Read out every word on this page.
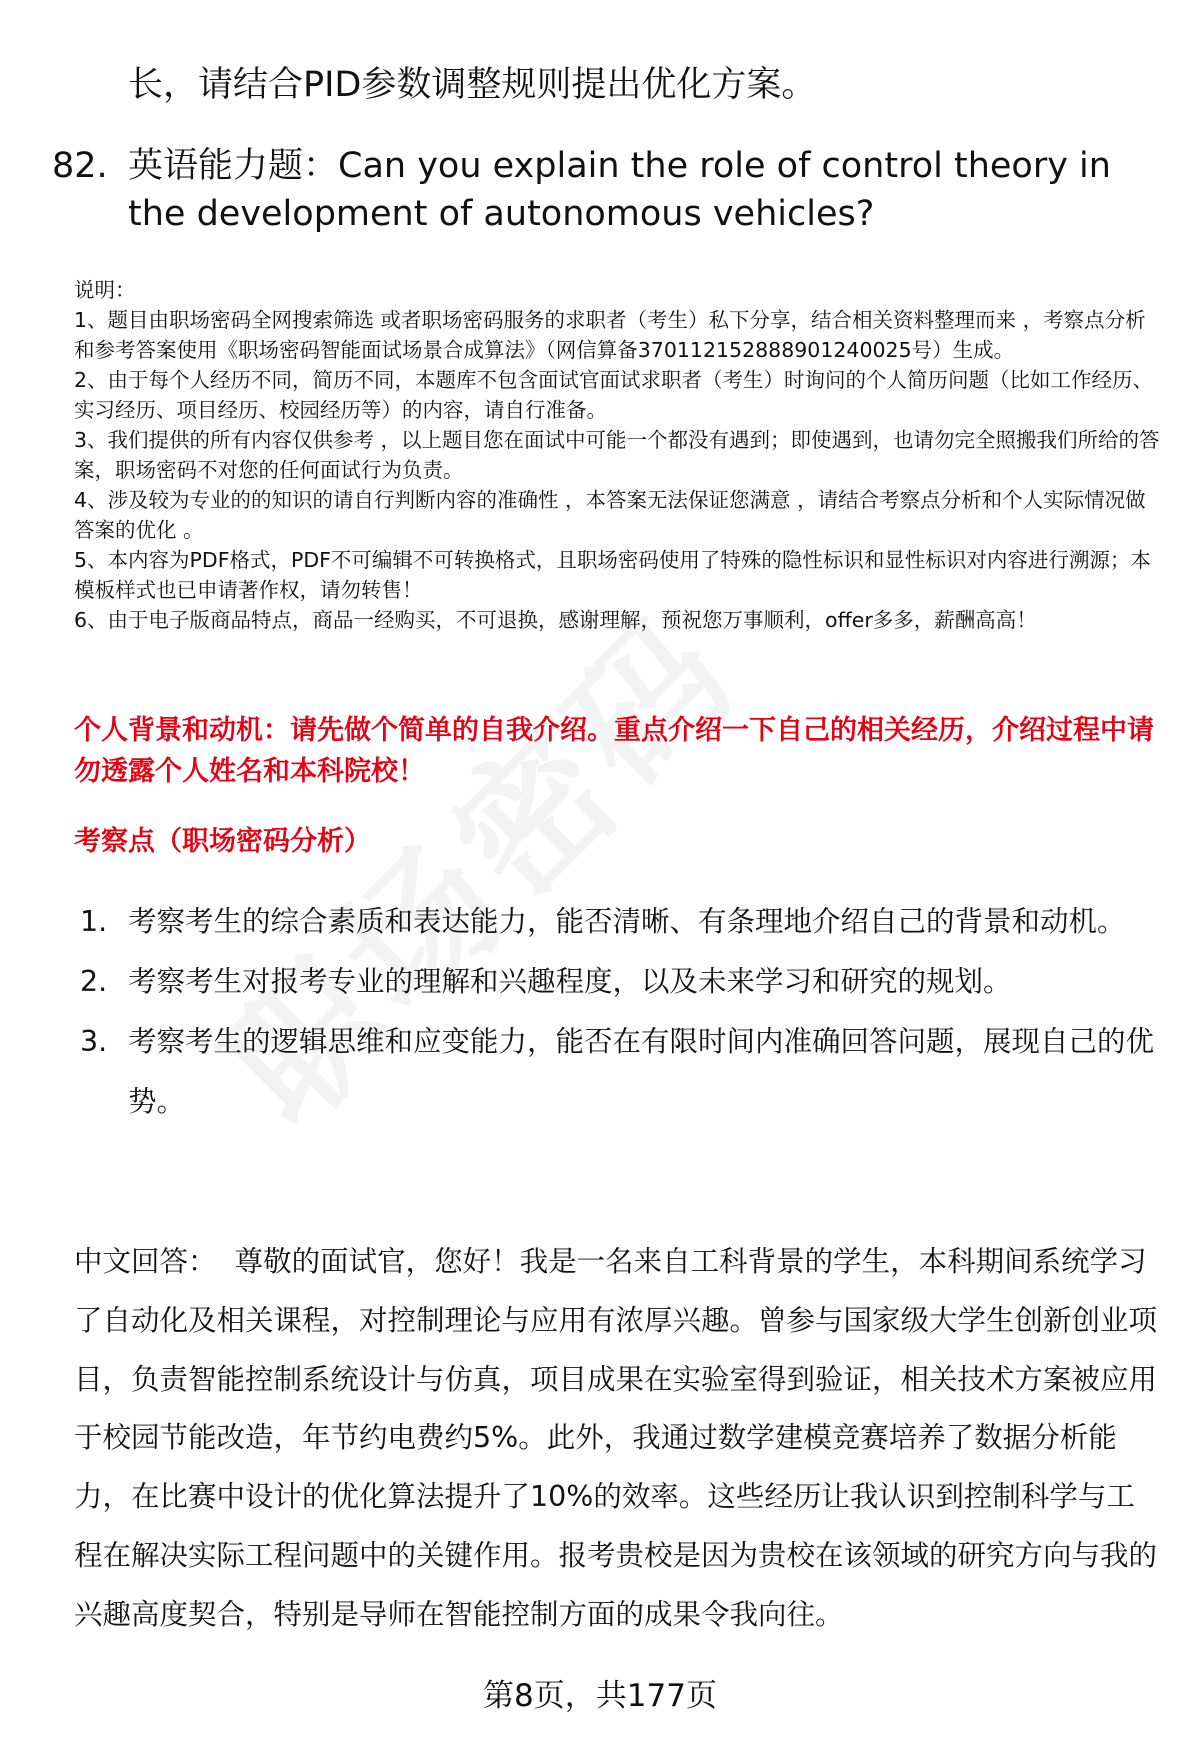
长，请结合PID参数调整规则提出优化方案。
82. 英语能力题：Can you explain the role of control theory in the development of autonomous vehicles?

说明：

1、题目由职场密码全网搜索筛选 或者职场密码服务的求职者（考生）私下分享，结合相关资料整理而来 ，考察点分析和参考答案使用《职场密码智能面试场景合成算法》（网信算备370112152888901240025号）生成。

2、由于每个人经历不同，简历不同，本题库不包含面试官面试求职者（考生）时询问的个人简历问题（比如工作经历、实习经历、项目经历、校园经历等）的内容，请自行准备。

3、我们提供的所有内容仅供参考 ，以上题目您在面试中可能一个都没有遇到；即使遇到，也请勿完全照搬我们所给的答案，职场密码不对您的任何面试行为负责。

4、涉及较为专业的的知识的请自行判断内容的准确性 ，本答案无法保证您满意 ，请结合考察点分析和个人实际情况做答案的优化 。

5、本内容为PDF格式，PDF不可编辑不可转换格式，且职场密码使用了特殊的隐性标识和显性标识对内容进行溯源；本模板样式也已申请著作权，请勿转售！

6、由于电子版商品特点，商品一经购买，不可退换，感谢理解，预祝您万事顺利，offer多多，薪酬高高！

个人背景和动机：请先做个简单的自我介绍。重点介绍一下自己的相关经历，介绍过程中请勿透露个人姓名和本科院校！
考察点（职场密码分析）
1. 考察考生的综合素质和表达能力，能否清晰、有条理地介绍自己的背景和动机。
2. 考察考生对报考专业的理解和兴趣程度，以及未来学习和研究的规划。
3. 考察考生的逻辑思维和应变能力，能否在有限时间内准确回答问题，展现自己的优势。
中文回答： 尊敬的面试官，您好！我是一名来自工科背景的学生，本科期间系统学习了自动化及相关课程，对控制理论与应用有浓厚兴趣。曾参与国家级大学生创新创业项目，负责智能控制系统设计与仿真，项目成果在实验室得到验证，相关技术方案被应用于校园节能改造，年节约电费约5%。此外，我通过数学建模竞赛培养了数据分析能力，在比赛中设计的优化算法提升了10%的效率。这些经历让我认识到控制科学与工程在解决实际工程问题中的关键作用。报考贵校是因为贵校在该领域的研究方向与我的兴趣高度契合，特别是导师在智能控制方面的成果令我向往。
第8页，共177页
